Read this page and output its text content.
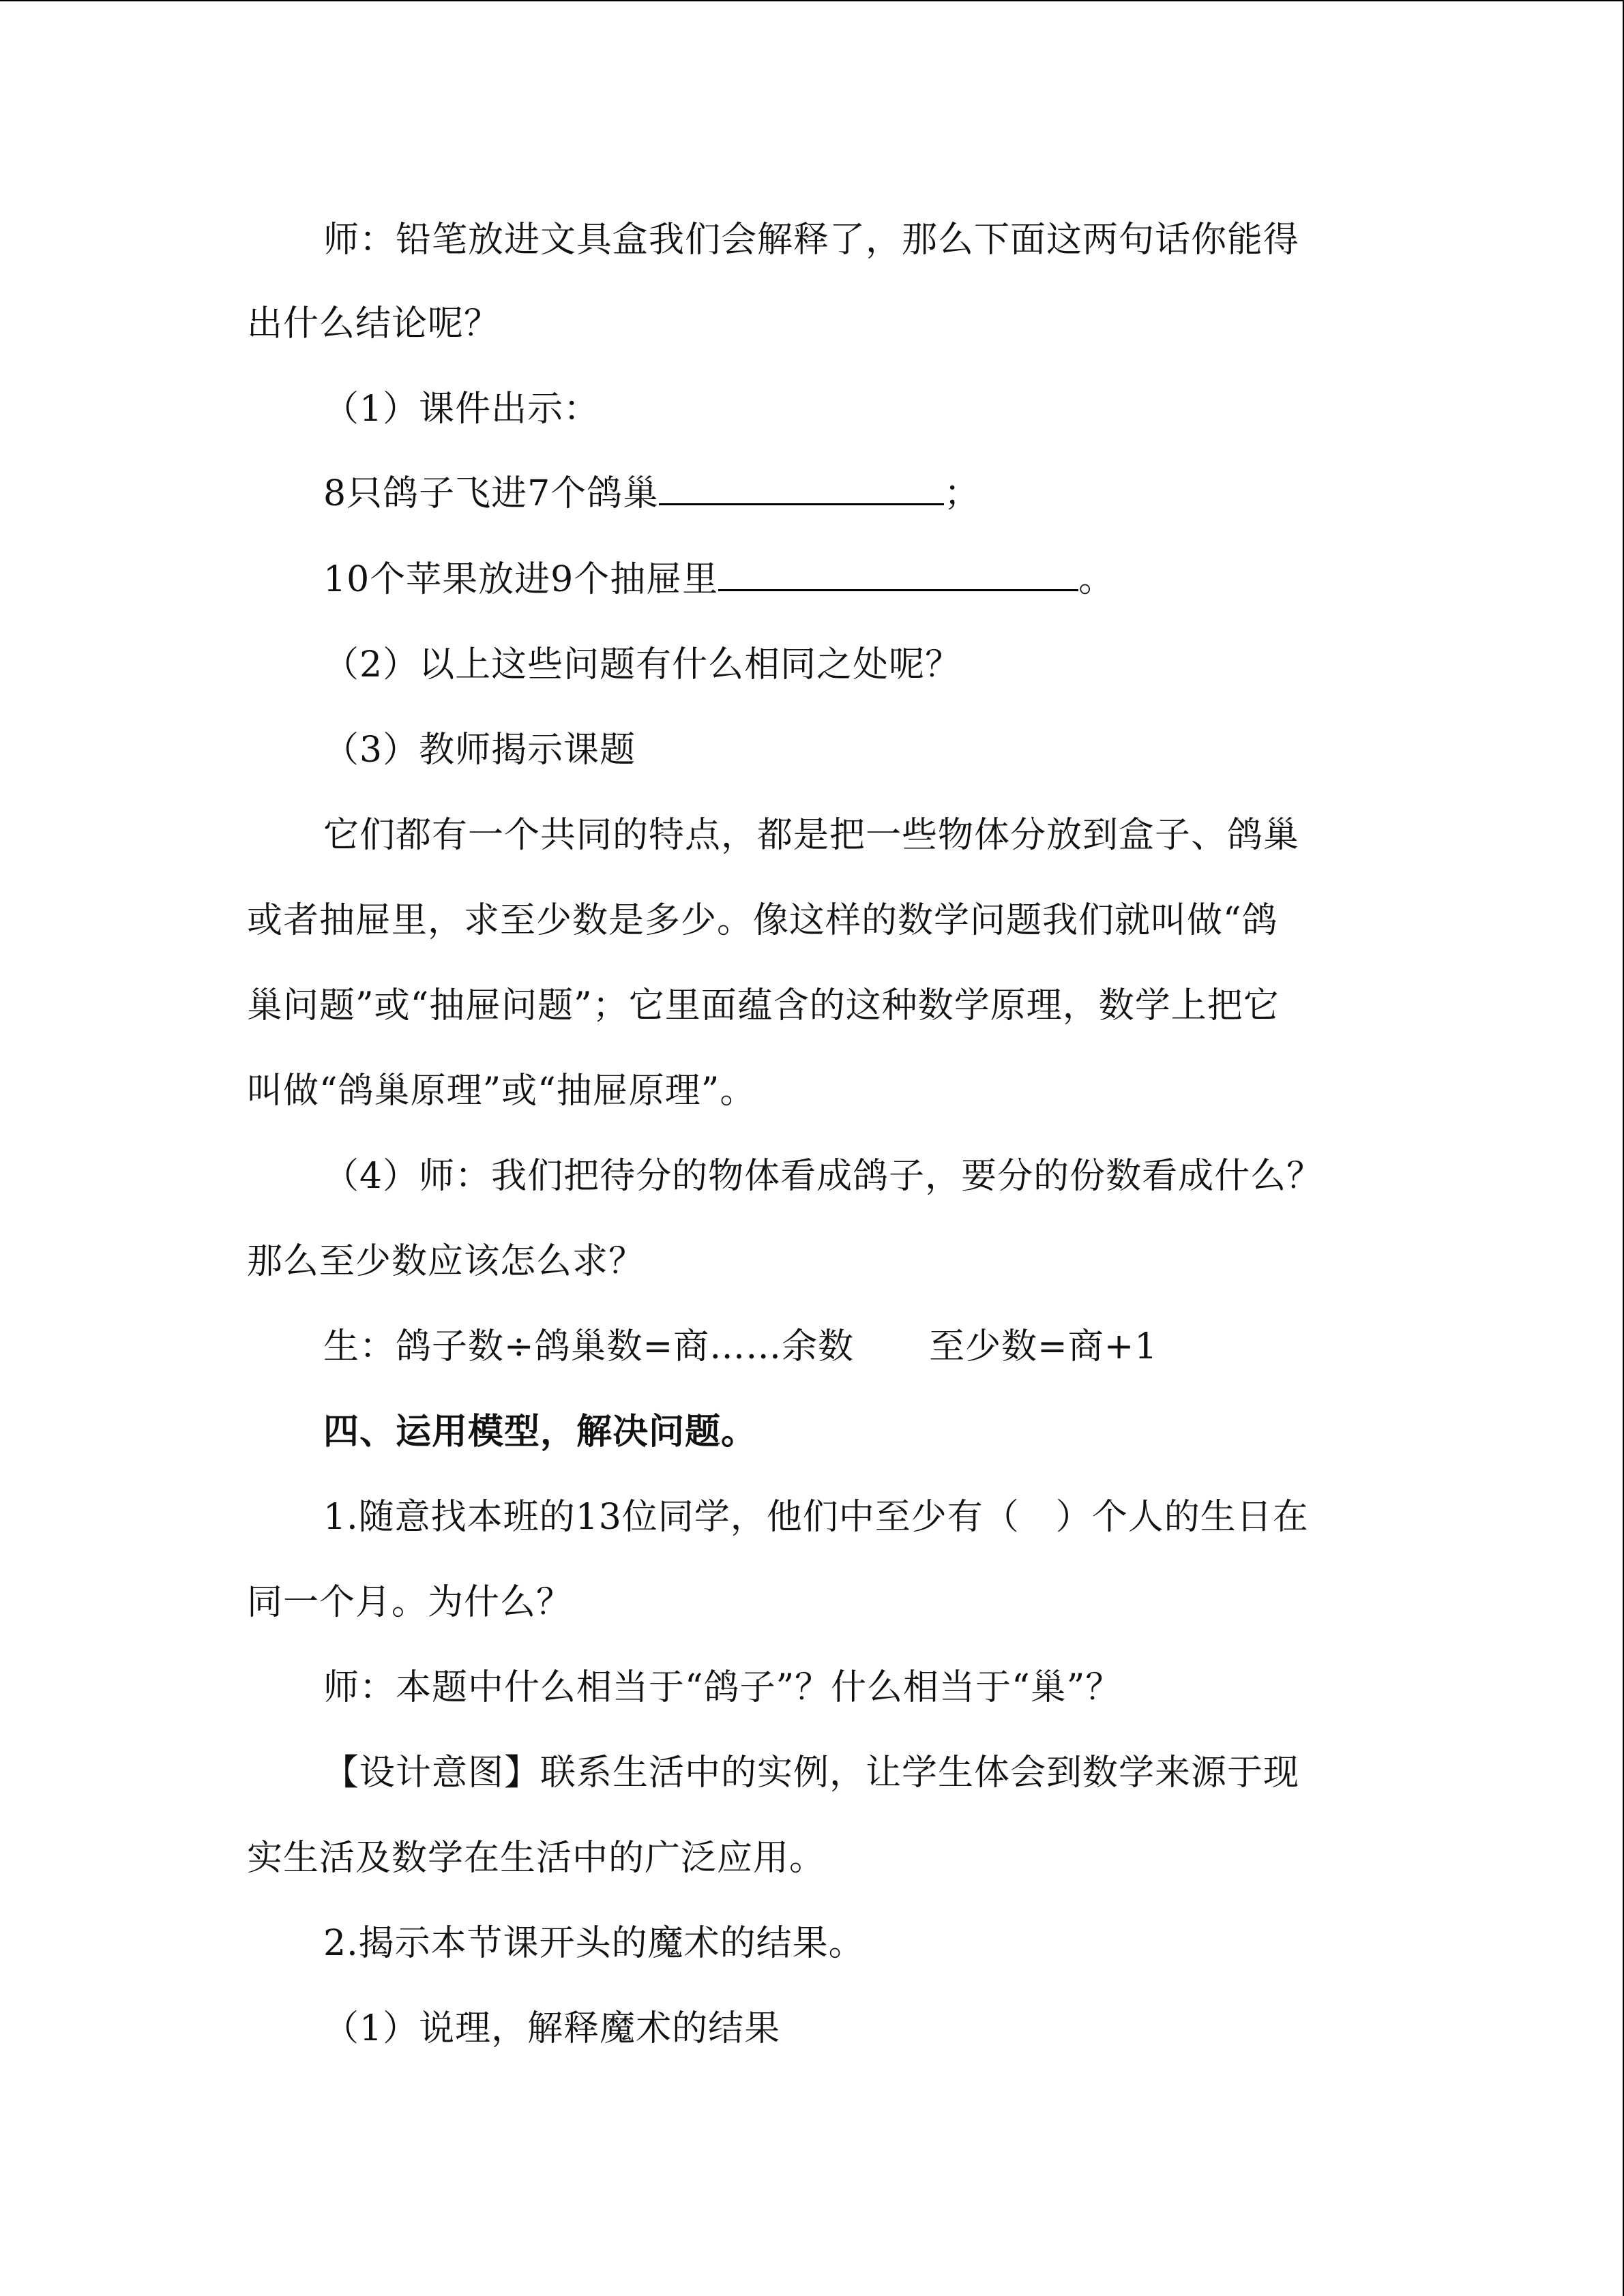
师：铅笔放进文具盒我们会解释了，那么下面这两句话你能得
出什么结论呢？
（1）课件出示：
8只鸽子飞进7个鸽巢	；
10个苹果放进9个抽屉里	。
（2）以上这些问题有什么相同之处呢？
（3）教师揭示课题
它们都有一个共同的特点，都是把一些物体分放到盒子、鸽巢
或者抽屉里，求至少数是多少。像这样的数学问题我们就叫做“鸽
巢问题”或“抽屉问题”；它里面蕴含的这种数学原理，数学上把它
叫做“鸽巢原理”或“抽屉原理”。
（4）师：我们把待分的物体看成鸽子，要分的份数看成什么？
那么至少数应该怎么求？
生：鸽子数÷鸽巢数=商……余数 至少数=商+1
四、运用模型，解决问题。
1.随意找本班的13位同学，他们中至少有（　）个人的生日在
同一个月。为什么？
师：本题中什么相当于“鸽子”？什么相当于“巢”？
【设计意图】联系生活中的实例，让学生体会到数学来源于现
实生活及数学在生活中的广泛应用。
2.揭示本节课开头的魔术的结果。
（1）说理，解释魔术的结果
